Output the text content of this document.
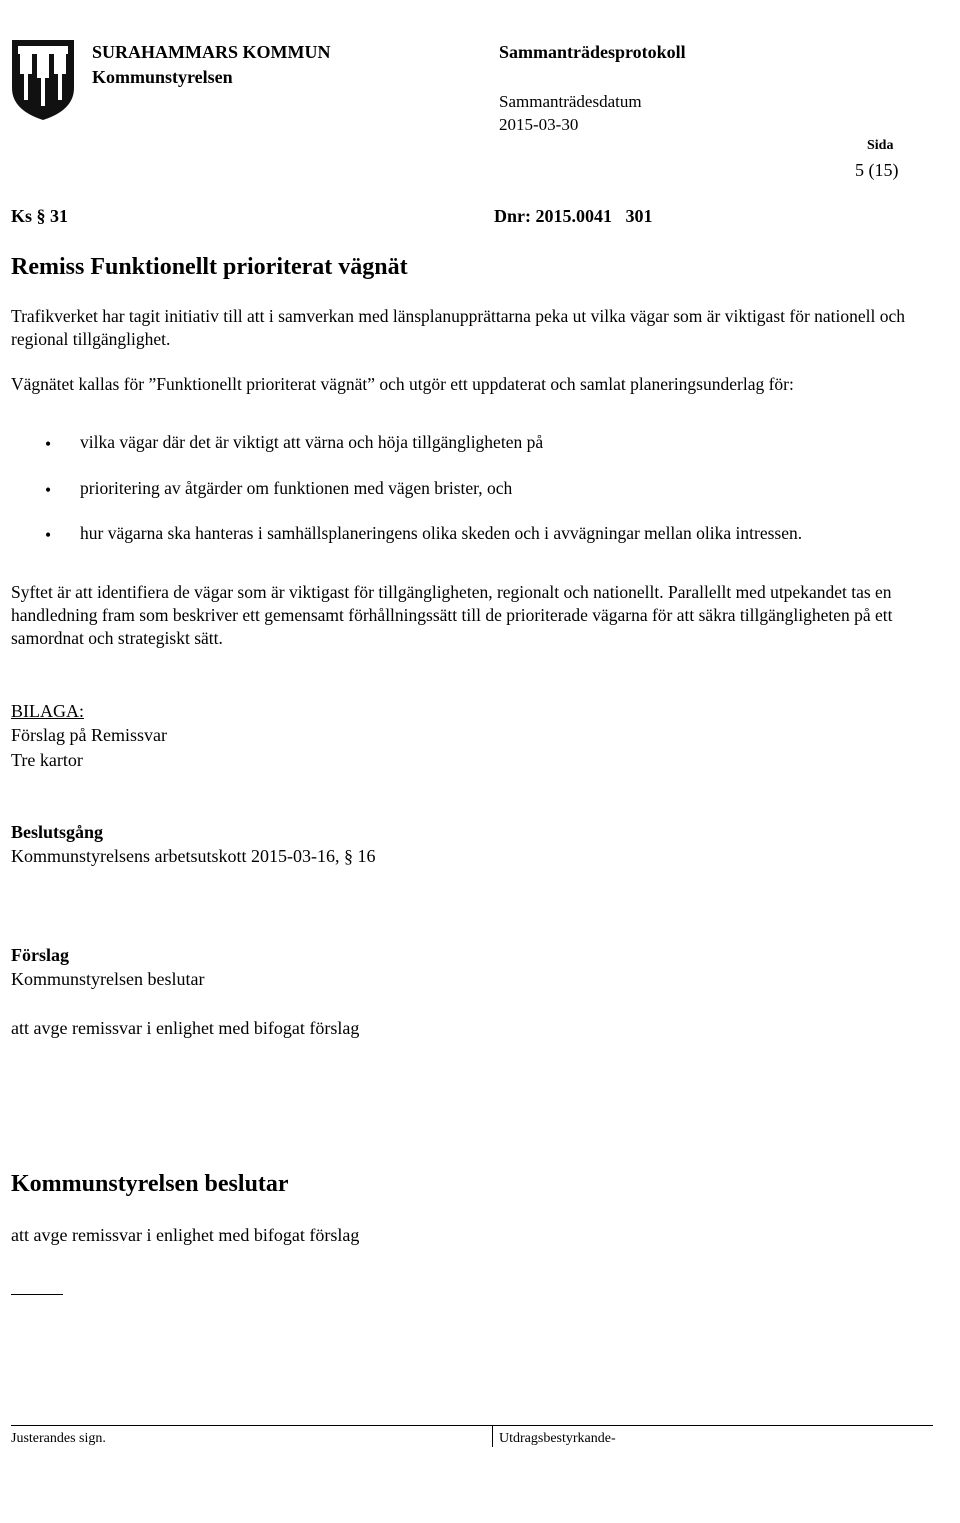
SURAHAMMARS KOMMUN
Kommunstyrelsen
Sammanträdesprotokoll
Sammanträdesdatum
2015-03-30
Sida
5 (15)
Ks § 31	Dnr: 2015.0041   301
Remiss Funktionellt prioriterat vägnät
Trafikverket har tagit initiativ till att i samverkan med länsplanupprättarna peka ut vilka vägar som är viktigast för nationell och regional tillgänglighet.
Vägnätet kallas för ”Funktionellt prioriterat vägnät” och utgör ett uppdaterat och samlat planeringsunderlag för:
• vilka vägar där det är viktigt att värna och höja tillgängligheten på
• prioritering av åtgärder om funktionen med vägen brister, och
• hur vägarna ska hanteras i samhällsplaneringens olika skeden och i avvägningar mellan olika intressen.
Syftet är att identifiera de vägar som är viktigast för tillgängligheten, regionalt och nationellt. Parallellt med utpekandet tas en handledning fram som beskriver ett gemensamt förhållningssätt till de prioriterade vägarna för att säkra tillgängligheten på ett samordnat och strategiskt sätt.
BILAGA:
Förslag på Remissvar
Tre kartor
Beslutsgång
Kommunstyrelsens arbetsutskott 2015-03-16, § 16
Förslag
Kommunstyrelsen beslutar
att avge remissvar i enlighet med bifogat förslag
Kommunstyrelsen beslutar
att avge remissvar i enlighet med bifogat förslag
Justerandes sign.	Utdragsbestyrkande-
